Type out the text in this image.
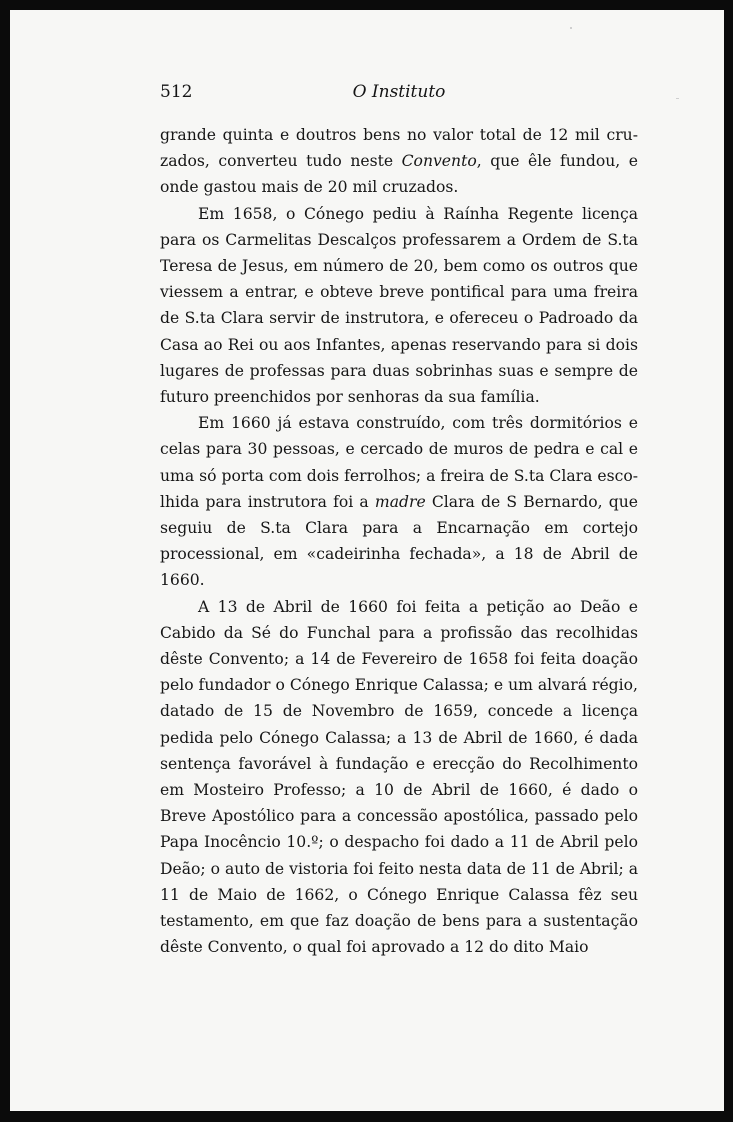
512	O Instituto

grande quinta e doutros bens no valor total de 12 mil cruzados, converteu tudo neste Convento, que êle fundou, e onde gastou mais de 20 mil cruzados.

Em 1658, o Cónego pediu à Raínha Regente licença para os Carmelitas Descalços professarem a Ordem de S.ta Teresa de Jesus, em número de 20, bem como os outros que viessem a entrar, e obteve breve pontifical para uma freira de S.ta Clara servir de instrutora, e ofereceu o Padroado da Casa ao Rei ou aos Infantes, apenas reservando para si dois lugares de professas para duas sobrinhas suas e sempre de futuro preenchidos por senhoras da sua família.

Em 1660 já estava construído, com três dormitórios e celas para 30 pessoas, e cercado de muros de pedra e cal e uma só porta com dois ferrolhos; a freira de S.ta Clara escolhida para instrutora foi a madre Clara de S Bernardo, que seguiu de S.ta Clara para a Encarnação em cortejo processional, em «cadeirinha fechada», a 18 de Abril de 1660.

A 13 de Abril de 1660 foi feita a petição ao Deão e Cabido da Sé do Funchal para a profissão das recolhidas dêste Convento; a 14 de Fevereiro de 1658 foi feita doação pelo fundador o Cónego Enrique Calassa; e um alvará régio, datado de 15 de Novembro de 1659, concede a licença pedida pelo Cónego Calassa; a 13 de Abril de 1660, é dada sentença favorável à fundação e erecção do Recolhimento em Mosteiro Professo; a 10 de Abril de 1660, é dado o Breve Apostólico para a concessão apostólica, passado pelo Papa Inocêncio 10.º; o despacho foi dado a 11 de Abril pelo Deão; o auto de vistoria foi feito nesta data de 11 de Abril; a 11 de Maio de 1662, o Cónego Enrique Calassa fêz seu testamento, em que faz doação de bens para a sustentação dêste Convento, o qual foi aprovado a 12 do dito Maio
